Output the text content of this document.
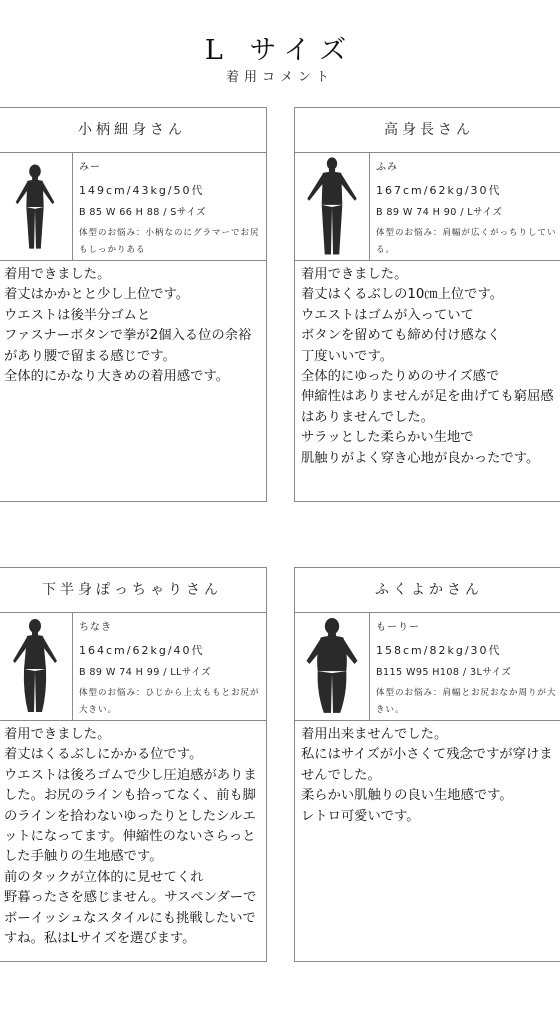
L サイズ
着用コメント
小柄細身さん
みー
149cm/43kg/50代
B 85 W 66 H 88 / Sサイズ
体型のお悩み：小柄なのにグラマーでお尻もしっかりある
着用できました。
着丈はかかとと少し上位です。
ウエストは後半分ゴムと
ファスナーボタンで拳が2個入る位の余裕があり腰で留まる感じです。
全体的にかなり大きめの着用感です。
高身長さん
ふみ
167cm/62kg/30代
B 89 W 74 H 90 / Lサイズ
体型のお悩み：肩幅が広くがっちりしている。
着用できました。
着丈はくるぶしの10㎝上位です。
ウエストはゴムが入っていて
ボタンを留めても締め付け感なく
丁度いいです。
全体的にゆったりめのサイズ感で
伸縮性はありませんが足を曲げても窮屈感はありませんでした。
サラッとした柔らかい生地で
肌触りがよく穿き心地が良かったです。
下半身ぽっちゃりさん
ちなき
164cm/62kg/40代
B 89 W 74 H 99 / LLサイズ
体型のお悩み：ひじから上太ももとお尻が大きい。
着用できました。
着丈はくるぶしにかかる位です。
ウエストは後ろゴムで少し圧迫感がありました。お尻のラインも拾ってなく、前も脚のラインを拾わないゆったりとしたシルエットになってます。伸縮性のないさらっとした手触りの生地感です。
前のタックが立体的に見せてくれ
野暮ったさを感じません。サスペンダーでボーイッシュなスタイルにも挑戦したいですね。私はLサイズを選びます。
ふくよかさん
もーりー
158cm/82kg/30代
B115 W95 H108 / 3Lサイズ
体型のお悩み：肩幅とお尻おなか周りが大きい。
着用出来ませんでした。
私にはサイズが小さくて残念ですが穿けませんでした。
柔らかい肌触りの良い生地感です。
レトロ可愛いです。
